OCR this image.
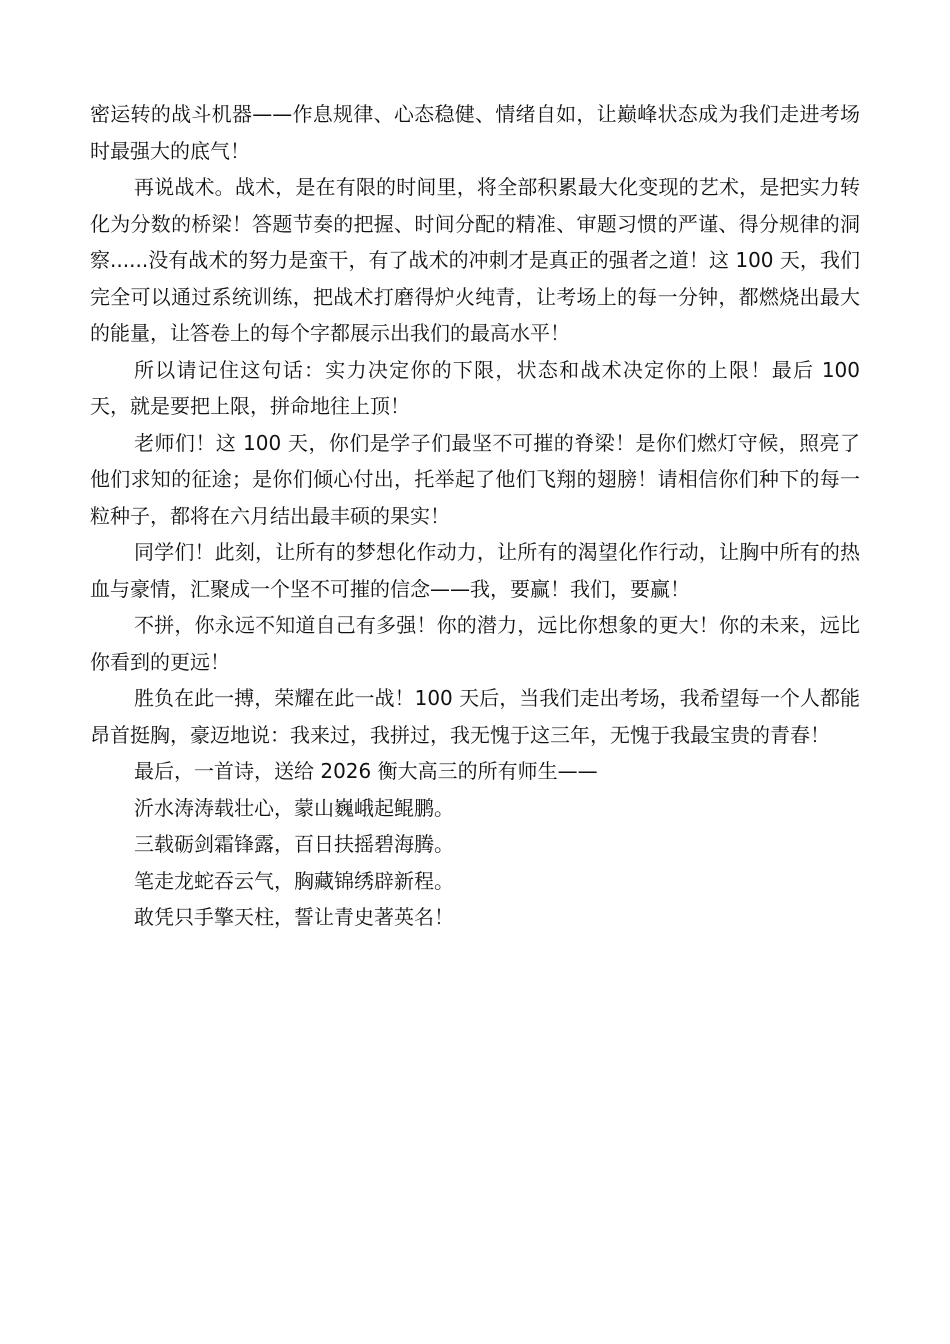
密运转的战斗机器——作息规律、心态稳健、情绪自如，让巅峰状态成为我们走进考场时最强大的底气！

再说战术。战术，是在有限的时间里，将全部积累最大化变现的艺术，是把实力转化为分数的桥梁！答题节奏的把握、时间分配的精准、审题习惯的严谨、得分规律的洞察......没有战术的努力是蛮干，有了战术的冲刺才是真正的强者之道！这 100 天，我们完全可以通过系统训练，把战术打磨得炉火纯青，让考场上的每一分钟，都燃烧出最大的能量，让答卷上的每个字都展示出我们的最高水平！

所以请记住这句话：实力决定你的下限，状态和战术决定你的上限！最后 100 天，就是要把上限，拼命地往上顶！

老师们！这 100 天，你们是学子们最坚不可摧的脊梁！是你们燃灯守候，照亮了他们求知的征途；是你们倾心付出，托举起了他们飞翔的翅膀！请相信你们种下的每一粒种子，都将在六月结出最丰硕的果实！

同学们！此刻，让所有的梦想化作动力，让所有的渴望化作行动，让胸中所有的热血与豪情，汇聚成一个坚不可摧的信念——我，要赢！我们，要赢！

不拼，你永远不知道自己有多强！你的潜力，远比你想象的更大！你的未来，远比你看到的更远！

胜负在此一搏，荣耀在此一战！100 天后，当我们走出考场，我希望每一个人都能昂首挺胸，豪迈地说：我来过，我拼过，我无愧于这三年，无愧于我最宝贵的青春！

最后，一首诗，送给 2026 衡大高三的所有师生——

沂水涛涛载壮心，蒙山巍峨起鲲鹏。

三载砺剑霜锋露，百日扶摇碧海腾。

笔走龙蛇吞云气，胸藏锦绣辟新程。

敢凭只手擎天柱，誓让青史著英名！
